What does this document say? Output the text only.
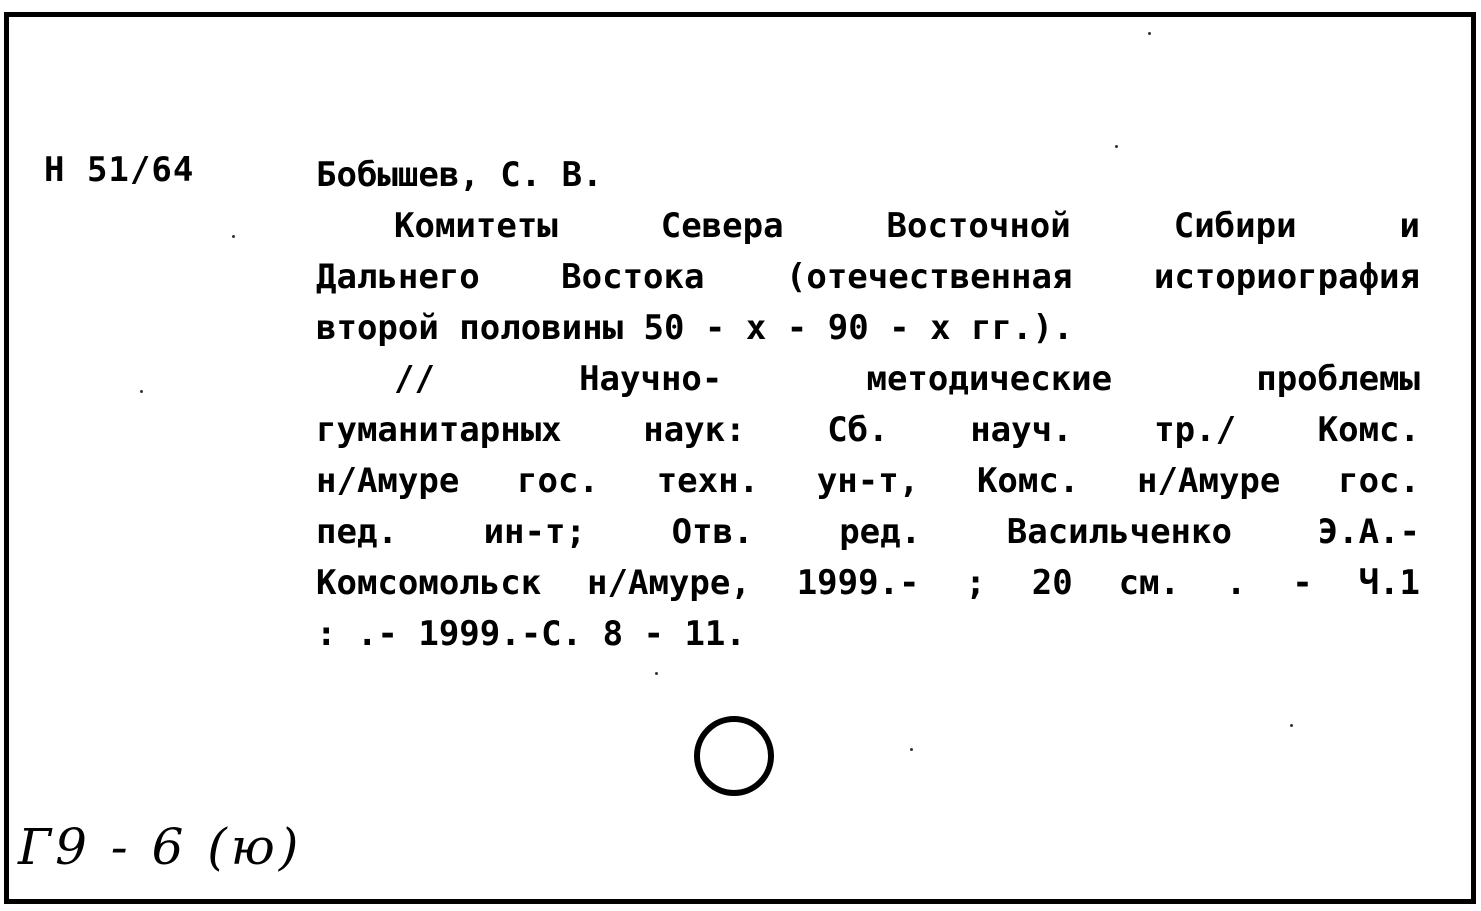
Н 51/64	Бобышев, С. В.
Комитеты Севера Восточной Сибири и
Дальнего Востока (отечественная историография
второй половины 50 - х - 90 - х гг.).
// Научно- методические проблемы
гуманитарных наук: Сб. науч. тр./ Комс.
н/Амуре гос. техн. ун-т, Комс. н/Амуре гос.
пед. ин-т; Отв. ред. Васильченко Э.А.-
Комсомольск н/Амуре, 1999.- ; 20 см. . - Ч.1
: .- 1999.-С. 8 - 11.
Г9 - 6 (ю)
